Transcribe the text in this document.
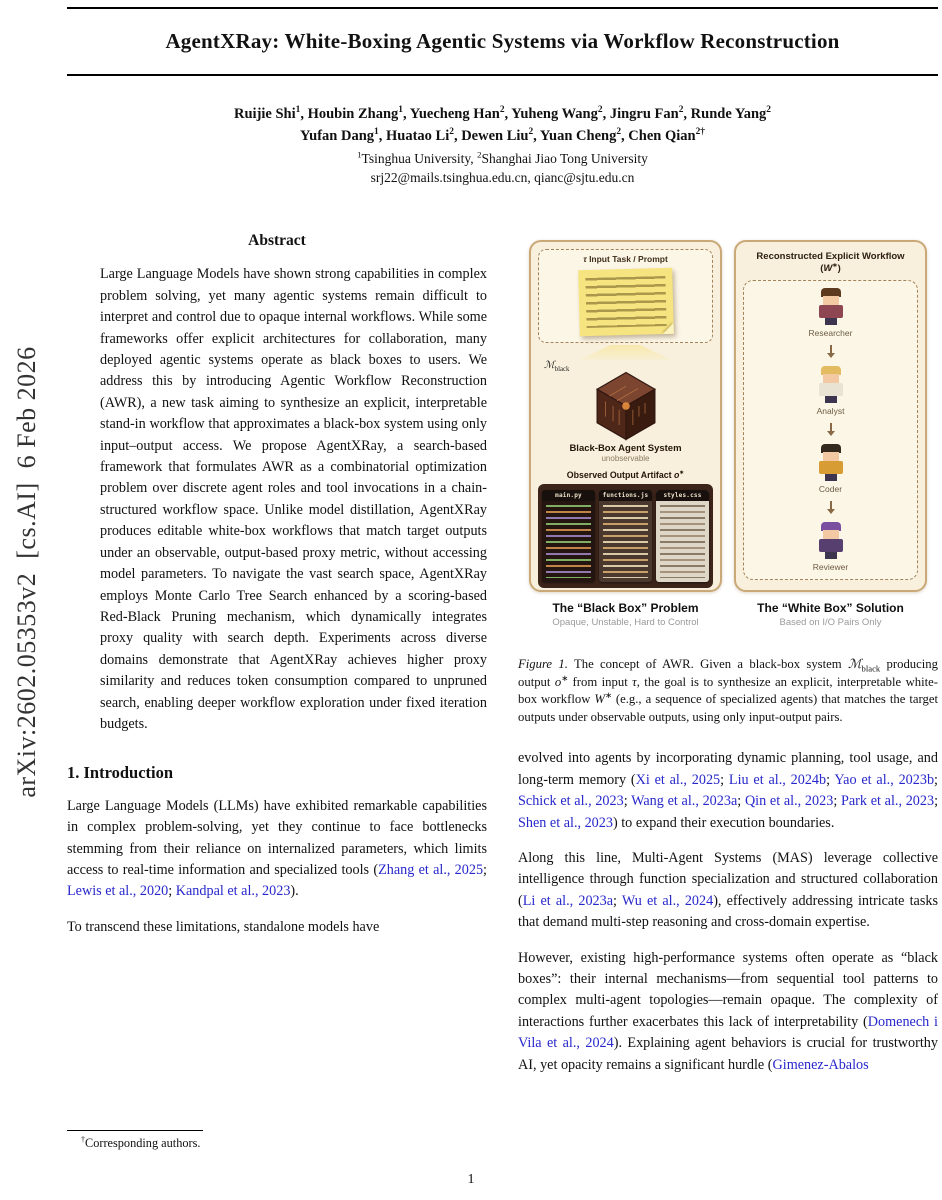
arXiv:2602.05353v2  [cs.AI]  6 Feb 2026
AgentXRay: White-Boxing Agentic Systems via Workflow Reconstruction
Ruijie Shi$^1$, Houbin Zhang$^1$, Yuecheng Han$^2$, Yuheng Wang$^2$, Jingru Fan$^2$, Runde Yang$^2$
Yufan Dang$^1$, Huatao Li$^2$, Dewen Liu$^2$, Yuan Cheng$^2$, Chen Qian$^{2\dagger}$
$^1$Tsinghua University, $^2$Shanghai Jiao Tong University
srj22@mails.tsinghua.edu.cn, qianc@sjtu.edu.cn
Abstract

Large Language Models have shown strong capabilities in complex problem solving, yet many agentic systems remain difficult to interpret and control due to opaque internal workflows. While some frameworks offer explicit architectures for collaboration, many deployed agentic systems operate as black boxes to users. We address this by introducing Agentic Workflow Reconstruction (AWR), a new task aiming to synthesize an explicit, interpretable stand-in workflow that approximates a black-box system using only input–output access. We propose AgentXRay, a search-based framework that formulates AWR as a combinatorial optimization problem over discrete agent roles and tool invocations in a chain-structured workflow space. Unlike model distillation, AgentXRay produces editable white-box workflows that match target outputs under an observable, output-based proxy metric, without accessing model parameters. To navigate the vast search space, AgentXRay employs Monte Carlo Tree Search enhanced by a scoring-based Red-Black Pruning mechanism, which dynamically integrates proxy quality with search depth. Experiments across diverse domains demonstrate that AgentXRay achieves higher proxy similarity and reduces token consumption compared to unpruned search, enabling deeper workflow exploration under fixed iteration budgets.

1. Introduction

Large Language Models (LLMs) have exhibited remarkable capabilities in complex problem-solving, yet they continue to face bottlenecks stemming from their reliance on internalized parameters, which limits access to real-time information and specialized tools (Zhang et al., 2025; Lewis et al., 2020; Kandpal et al., 2023).

To transcend these limitations, standalone models have

τ Input Task / Prompt
ℳ$_{black}$
Black-Box Agent System
unobservable
Observed Output Artifact o∗
main.py	functions.js	styles.css
Reconstructed Explicit Workflow
(W∗)
Researcher
Analyst
Coder
Reviewer
The “Black Box” Problem
Opaque, Unstable, Hard to Control
The “White Box” Solution
Based on I/O Pairs Only

Figure 1. The concept of AWR. Given a black-box system ℳ$_{black}$ producing output o∗ from input τ, the goal is to synthesize an explicit, interpretable white-box workflow W∗ (e.g., a sequence of specialized agents) that matches the target outputs under observable outputs, using only input-output pairs.

evolved into agents by incorporating dynamic planning, tool usage, and long-term memory (Xi et al., 2025; Liu et al., 2024b; Yao et al., 2023b; Schick et al., 2023; Wang et al., 2023a; Qin et al., 2023; Park et al., 2023; Shen et al., 2023) to expand their execution boundaries.

Along this line, Multi-Agent Systems (MAS) leverage collective intelligence through function specialization and structured collaboration (Li et al., 2023a; Wu et al., 2024), effectively addressing intricate tasks that demand multi-step reasoning and cross-domain expertise.

However, existing high-performance systems often operate as “black boxes”: their internal mechanisms—from sequential tool patterns to complex multi-agent topologies—remain opaque. The complexity of interactions further exacerbates this lack of interpretability (Domenech i Vila et al., 2024). Explaining agent behaviors is crucial for trustworthy AI, yet opacity remains a significant hurdle (Gimenez-Abalos

†Corresponding authors.

1
